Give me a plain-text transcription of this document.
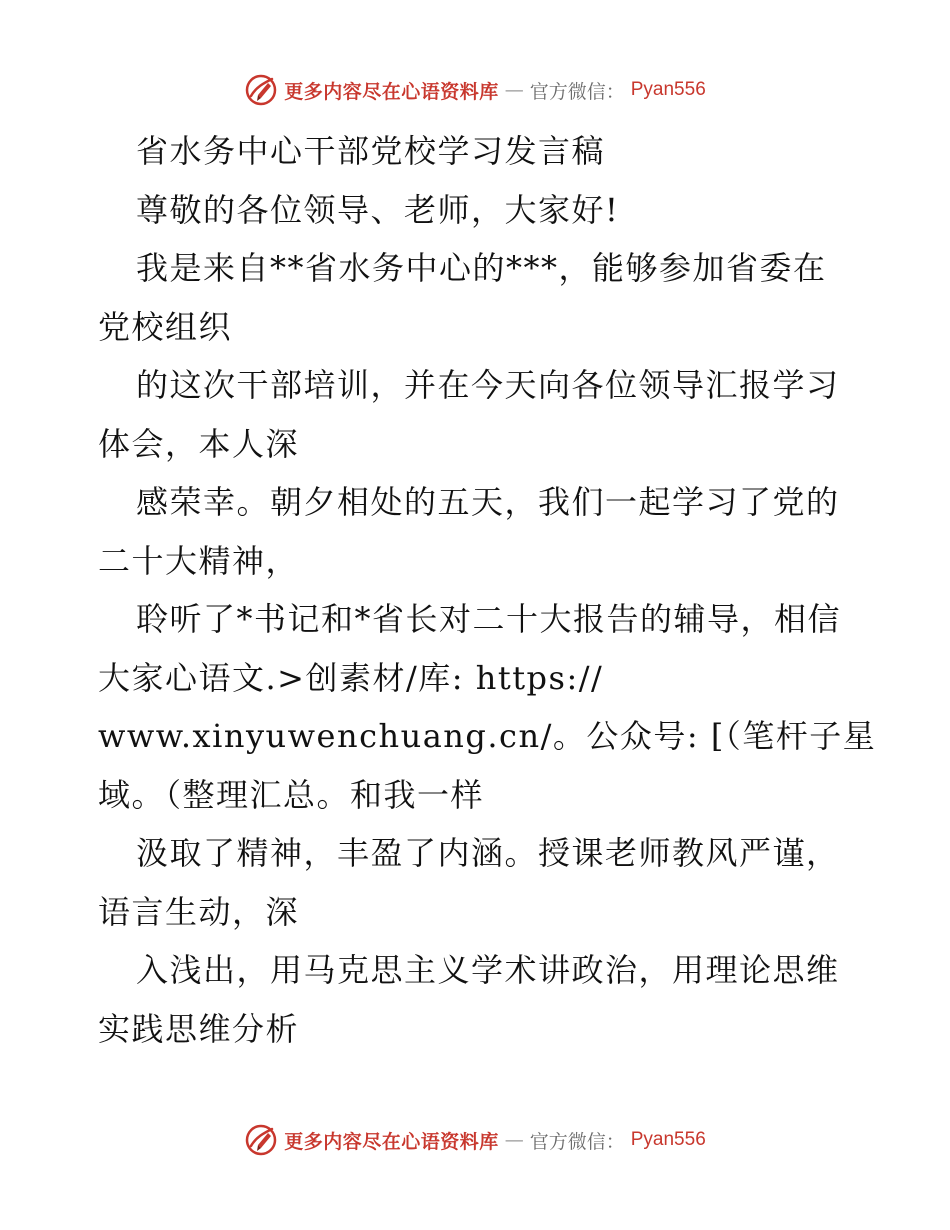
更多内容尽在心语资料库 — 官方微信： Pyan556
省水务中心干部党校学习发言稿
尊敬的各位领导、老师，大家好!
我是来自**省水务中心的***，能够参加省委在
党校组织
的这次干部培训，并在今天向各位领导汇报学习
体会，本人深
感荣幸。朝夕相处的五天，我们一起学习了党的
二十大精神，
聆听了*书记和*省长对二十大报告的辅导，相信
大家心语文.>创素材/库: https://
www.xinyuwenchuang.cn/。公众号: [（笔杆子星
域。（整理汇总。和我一样
汲取了精神，丰盈了内涵。授课老师教风严谨，
语言生动，深
入浅出，用马克思主义学术讲政治，用理论思维
实践思维分析
更多内容尽在心语资料库 — 官方微信： Pyan556
